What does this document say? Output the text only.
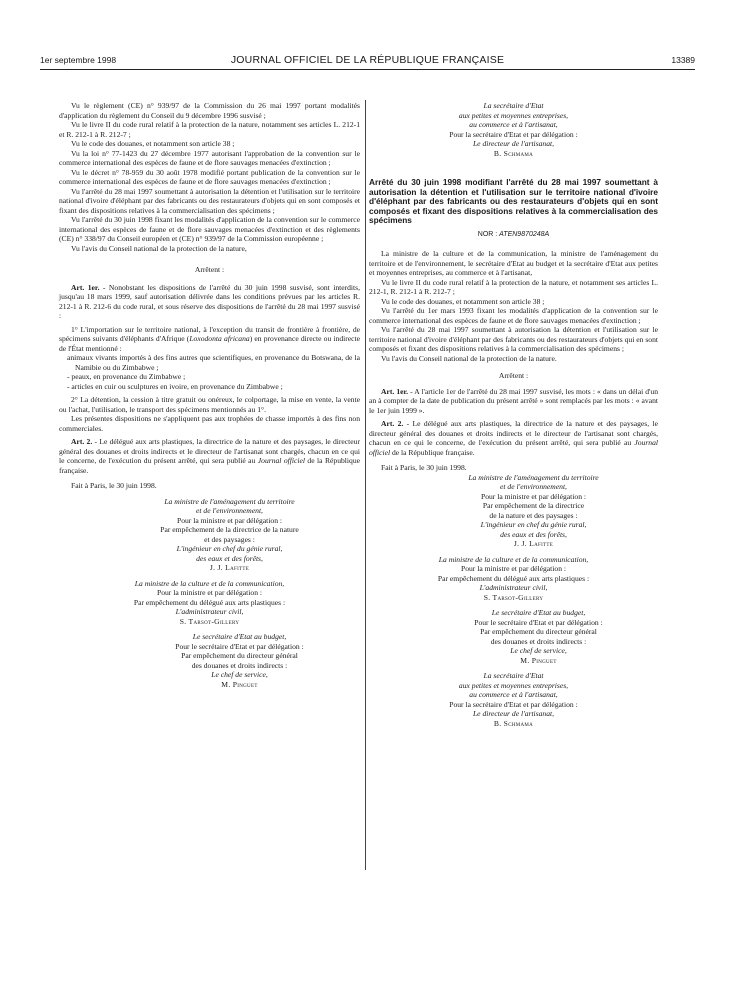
1er septembre 1998	JOURNAL OFFICIEL DE LA RÉPUBLIQUE FRANÇAISE	13389

Vu le règlement (CE) n° 939/97 de la Commission du 26 mai 1997 portant modalités d'application du règlement du Conseil du 9 décembre 1996 susvisé ;

Vu le livre II du code rural relatif à la protection de la nature, notamment ses articles L. 212-1 et R. 212-1 à R. 212-7 ;

Vu le code des douanes, et notamment son article 38 ;

Vu la loi n° 77-1423 du 27 décembre 1977 autorisant l'approbation de la convention sur le commerce international des espèces de faune et de flore sauvages menacées d'extinction ;

Vu le décret n° 78-959 du 30 août 1978 modifié portant publication de la convention sur le commerce international des espèces de faune et de flore sauvages menacées d'extinction ;

Vu l'arrêté du 28 mai 1997 soumettant à autorisation la détention et l'utilisation sur le territoire national d'ivoire d'éléphant par des fabricants ou des restaurateurs d'objets qui en sont composés et fixant des dispositions relatives à la commercialisation des spécimens ;

Vu l'arrêté du 30 juin 1998 fixant les modalités d'application de la convention sur le commerce international des espèces de faune et de flore sauvages menacées d'extinction et des règlements (CE) n° 338/97 du Conseil européen et (CE) n° 939/97 de la Commission européenne ;

Vu l'avis du Conseil national de la protection de la nature,

Arrêtent :

Art. 1er. - Nonobstant les dispositions de l'arrêté du 30 juin 1998 susvisé, sont interdits, jusqu'au 18 mars 1999, sauf autorisation délivrée dans les conditions prévues par les articles R. 212-1 à R. 212-6 du code rural, et sous réserve des dispositions de l'arrêté du 28 mai 1997 susvisé :

1° L'importation sur le territoire national, à l'exception du transit de frontière à frontière, de spécimens suivants d'éléphants d'Afrique (Loxodonta africana) en provenance directe ou indirecte de l'État mentionné :

animaux vivants importés à des fins autres que scientifiques, en provenance du Botswana, de la Namibie ou du Zimbabwe ;
- peaux, en provenance du Zimbabwe ;
- articles en cuir ou sculptures en ivoire, en provenance du Zimbabwe ;

2° La détention, la cession à titre gratuit ou onéreux, le colportage, la mise en vente, la vente ou l'achat, l'utilisation, le transport des spécimens mentionnés au 1°.

Les présentes dispositions ne s'appliquent pas aux trophées de chasse importés à des fins non commerciales.

Art. 2. - Le délégué aux arts plastiques, la directrice de la nature et des paysages, le directeur général des douanes et droits indirects et le directeur de l'artisanat sont chargés, chacun en ce qui le concerne, de l'exécution du présent arrêté, qui sera publié au Journal officiel de la République française.

Fait à Paris, le 30 juin 1998.

La ministre de l'aménagement du territoire

et de l'environnement,

Pour la ministre et par délégation :

Par empêchement de la directrice de la nature

et des paysages :

L'ingénieur en chef du génie rural,

des eaux et des forêts,

J. J. Lafitte

La ministre de la culture et de la communication,

Pour la ministre et par délégation :

Par empêchement du délégué aux arts plastiques :

L'administrateur civil,

S. Tarsot-Gillery

Le secrétaire d'Etat au budget,

Pour le secrétaire d'Etat et par délégation :

Par empêchement du directeur général

des douanes et droits indirects :

Le chef de service,

M. Pinguet

La secrétaire d'Etat

aux petites et moyennes entreprises,

au commerce et à l'artisanat,

Pour la secrétaire d'Etat et par délégation :

Le directeur de l'artisanat,

B. Schmama

Arrêté du 30 juin 1998 modifiant l'arrêté du 28 mai 1997 soumettant à autorisation la détention et l'utilisation sur le territoire national d'ivoire d'éléphant par des fabricants ou des restaurateurs d'objets qui en sont composés et fixant des dispositions relatives à la commercialisation des spécimens
NOR : ATEN9870248A

La ministre de la culture et de la communication, la ministre de l'aménagement du territoire et de l'environnement, le secrétaire d'Etat au budget et la secrétaire d'Etat aux petites et moyennes entreprises, au commerce et à l'artisanat,

Vu le livre II du code rural relatif à la protection de la nature, et notamment ses articles L. 212-1, R. 212-1 à R. 212-7 ;

Vu le code des douanes, et notamment son article 38 ;

Vu l'arrêté du 1er mars 1993 fixant les modalités d'application de la convention sur le commerce international des espèces de faune et de flore sauvages menacées d'extinction ;

Vu l'arrêté du 28 mai 1997 soumettant à autorisation la détention et l'utilisation sur le territoire national d'ivoire d'éléphant par des fabricants ou des restaurateurs d'objets qui en sont composés et fixant des dispositions relatives à la commercialisation des spécimens ;

Vu l'avis du Conseil national de la protection de la nature.

Arrêtent :

Art. 1er. - A l'article 1er de l'arrêté du 28 mai 1997 susvisé, les mots : « dans un délai d'un an à compter de la date de publication du présent arrêté » sont remplacés par les mots : « avant le 1er juin 1999 ».

Art. 2. - Le délégué aux arts plastiques, la directrice de la nature et des paysages, le directeur général des douanes et droits indirects et le directeur de l'artisanat sont chargés, chacun en ce qui le concerne, de l'exécution du présent arrêté, qui sera publié au Journal officiel de la République française.

Fait à Paris, le 30 juin 1998.

La ministre de l'aménagement du territoire

et de l'environnement,

Pour la ministre et par délégation :

Par empêchement de la directrice

de la nature et des paysages :

L'ingénieur en chef du génie rural,

des eaux et des forêts,

J. J. Lafitte

La ministre de la culture et de la communication,

Pour la ministre et par délégation :

Par empêchement du délégué aux arts plastiques :

L'administrateur civil,

S. Tarsot-Gillery

Le secrétaire d'Etat au budget,

Pour le secrétaire d'Etat et par délégation :

Par empêchement du directeur général

des douanes et droits indirects :

Le chef de service,

M. Pinguet

La secrétaire d'Etat

aux petites et moyennes entreprises,

au commerce et à l'artisanat,

Pour la secrétaire d'Etat et par délégation :

Le directeur de l'artisanat,

B. Schmama
